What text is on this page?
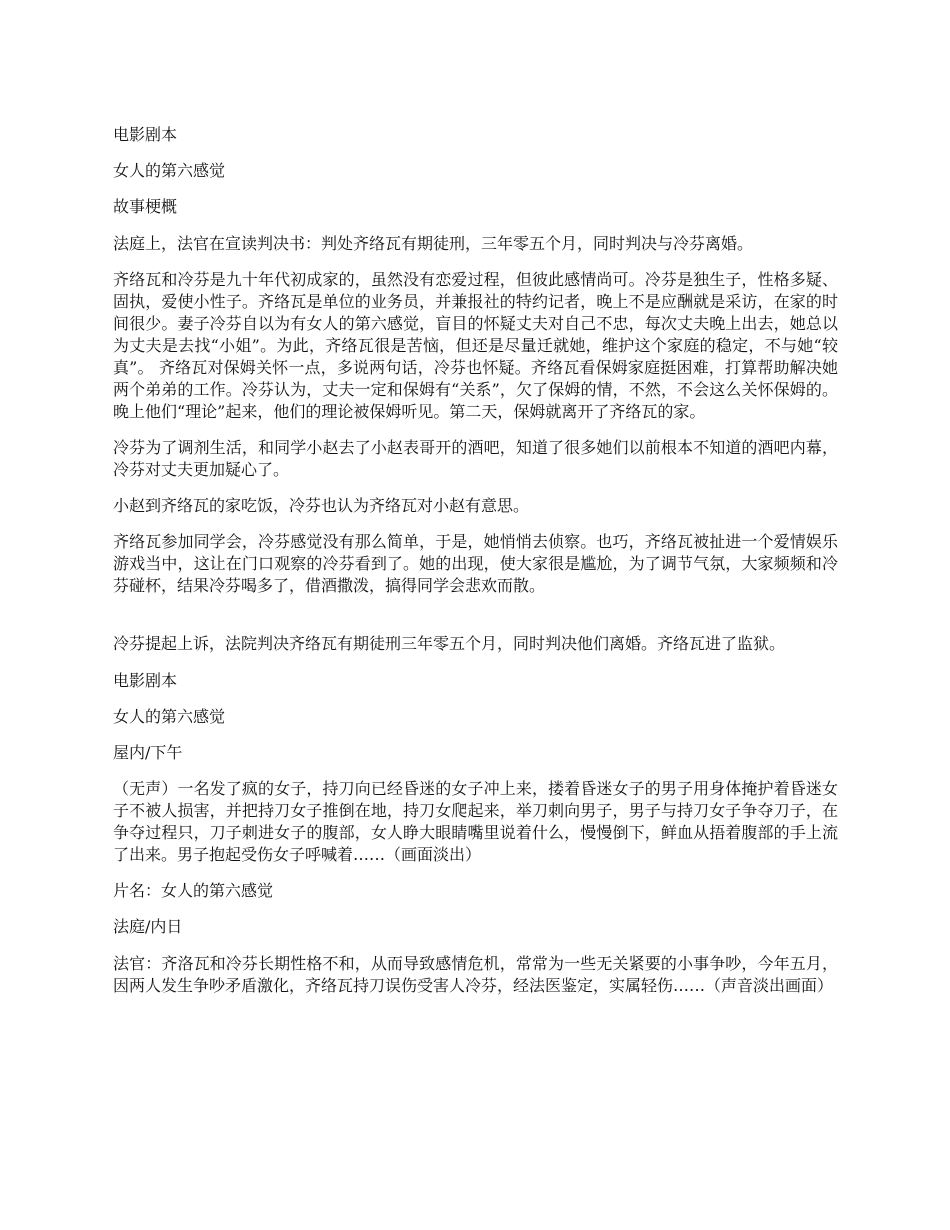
电影剧本

女人的第六感觉

故事梗概

法庭上，法官在宣读判决书：判处齐络瓦有期徒刑，三年零五个月，同时判决与冷芬离婚。

齐络瓦和冷芬是九十年代初成家的，虽然没有恋爱过程，但彼此感情尚可。冷芬是独生子，性格多疑、固执，爱使小性子。齐络瓦是单位的业务员，并兼报社的特约记者，晚上不是应酬就是采访，在家的时间很少。妻子冷芬自以为有女人的第六感觉，盲目的怀疑丈夫对自己不忠，每次丈夫晚上出去，她总以为丈夫是去找“小姐”。为此，齐络瓦很是苦恼，但还是尽量迁就她，维护这个家庭的稳定，不与她“较真”。 齐络瓦对保姆关怀一点，多说两句话，冷芬也怀疑。齐络瓦看保姆家庭挺困难，打算帮助解决她两个弟弟的工作。冷芬认为，丈夫一定和保姆有“关系”，欠了保姆的情，不然，不会这么关怀保姆的。晚上他们“理论”起来，他们的理论被保姆听见。第二天，保姆就离开了齐络瓦的家。

冷芬为了调剂生活，和同学小赵去了小赵表哥开的酒吧，知道了很多她们以前根本不知道的酒吧内幕，冷芬对丈夫更加疑心了。

小赵到齐络瓦的家吃饭，冷芬也认为齐络瓦对小赵有意思。

齐络瓦参加同学会，冷芬感觉没有那么简单，于是，她悄悄去侦察。也巧，齐络瓦被扯进一个爱情娱乐游戏当中，这让在门口观察的冷芬看到了。她的出现，使大家很是尴尬，为了调节气氛，大家频频和冷芬碰杯，结果冷芬喝多了，借酒撒泼，搞得同学会悲欢而散。

冷芬提起上诉，法院判决齐络瓦有期徒刑三年零五个月，同时判决他们离婚。齐络瓦进了监狱。

电影剧本

女人的第六感觉

屋内/下午

（无声）一名发了疯的女子，持刀向已经昏迷的女子冲上来，搂着昏迷女子的男子用身体掩护着昏迷女子不被人损害，并把持刀女子推倒在地，持刀女爬起来，举刀刺向男子，男子与持刀女子争夺刀子，在争夺过程只，刀子刺进女子的腹部，女人睁大眼睛嘴里说着什么，慢慢倒下，鲜血从捂着腹部的手上流了出来。男子抱起受伤女子呼喊着‥‥‥（画面淡出）

片名：女人的第六感觉

法庭/内日

法官：齐洛瓦和冷芬长期性格不和，从而导致感情危机，常常为一些无关紧要的小事争吵，今年五月，因两人发生争吵矛盾激化，齐络瓦持刀误伤受害人冷芬，经法医鉴定，实属轻伤‥‥‥（声音淡出画面）
